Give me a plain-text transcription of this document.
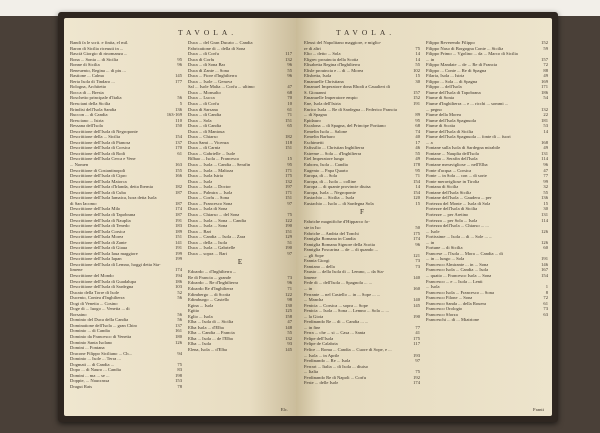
TAVOLA.
Bandi fa le scrit. e finita, el mil.
Baron di Sicilia riceuuti in ...
Bascià Giorgio di rinomanza ...
Bona ... Sonia ... di Sicilia	95
Bonne di Sicilia	96
Beneuento, Regina ... di piu ...
Bastione ... Calma	145
Berta Isola di Tindaro ...	177
Bologna, Architetto
Bocca di ... Bresia
Boschetto principale d'Italia	56
Bresciani della Sicilia	5
Brindisi dell'Isola Sandia	136
Buccon ... di Candia	163-169
Bresciano ... Istria	110
Bessana dell'Isola	150
Descrittione dell'Isola di Negroponte
Descrittione della ... Sicilia	154
Descrittione dell'Isola di Pianosa	137
Descrittione dell'Isola di Corsica	170
Descrittione dell'Isola di Rodi	61
Descrittione dell'Isola Cerca e Vene
... Nomen	163
Descrittione di Costantinopoli	155
Descrittione dell'Isola di Cipro	166
Descrittione dell'Isola Maiorca
Descrittione dell'Isola d'Irlanda, detta Ibernia	182
Descrittione dell'Isola di Cuba	187
Descrittione dell'Isola Iamaica, hora detta Isola
di San Iacomo	187
Descrittione dell'Isola Milo	174
Descrittione dell'Isola di Tapobrana	187
Descrittione dell'Isola di Nauplia	191
Descrittione dell'Isola di Tenedo	183
Descrittione dell'Isola Corsica	189
Descrittione dell'Isola Morea	151
Descrittione dell'Isola di Zante	141
Descrittione dell'Isola di Giaua	191
Descrittione dell'Isola Iaua maggiore	199
Descrittione dell'Isola Iapan	199
Descrittione dell'Isola di Lemno, hoggi detta Sta-
limene	174
Descrittione del Mondo	194
Descrittione dell'Isola di Guadalupa	186
Descrittione dell'Isola di Sardegna	103
Ducato della Torre di Isole	52
Ducento, Contea d'Inghilterra	56
Dogi di Venetia ... Cosino
Doge di ... luogo ... Venetia ... di
Borsaino	56
Dominio del Duca della Candia	56
Dominatione dell'Isola ... gran Chiro	137
Dominio ... di Candia	161
Dominio da Francesco di Venetia	180
Dominio Santa Isolano	126
Domini ... Fontana
Dracone Filippo Siciliano ... Ch...	94
Dominio ... Isole ... Terra ...
Dogmati ... di Candia ...	75
Dopo ... di Nauro ... Candia	83
Domini ... ma ... se ...	198
Doppie, ... Naucrassa	153
Dragut Rais	78
Duca ... del Gran Ducato ... Candia
Fabricatione di ... della di Sona
Duca ... di Corfu	117
Duca di Corfu	132
Duca ... di Sona Bar	96
Duca di Zante ... Sona	55
Duca ... Fiore d'Inghilterra	96
Duca ... Isole ... Genova
Sal ... Isole Malta ... Corfu ... ultimo	47
Duca ... Monsalto	68
Duca ... Lucca	70
Duca ... di Corfu	10
Duca di Sarsana	61
Duca ... di Candia	71
Duca ... Sola	151
Duca ... di Candia	65
Duca ... di Mantoua
Duca ... Chiarso	182
Duca Sami ... Vicenza	118
Duca ... di Carnia	151
Duca ... Gabrielle ... Isole
Bilbao ... Isola ... Francesco	15
Duca ... Isola ... Candia ... Serafin	95
Duca ... Isola ... Maltoza	171
Duca ... Isola Istria	175
Duca ... Isola	132
Duca ... Isola ... Doctor	197
Duca ... Palmira ... Isola	171
Duca ... Corfu ... Sona	151
Duca ... Francesco Sona	97
Duca ... Isola di Sona
Duca ... Chiarso ... del Sona	75
Duca ... Isola ... Sona ... Candia	122
Duca ... Isola ... Sona	190
Duca ... Bari	151
Duca ... Candia ... Isola ... Zara	129
Duca ... della ... Isola	51
Duca ... Isola ... Gabrielle	190
Duca ... sopra ... Bari	97
E
Edoardo ... d'Inghilterra ...
Re di Francia ... grande	73
Edoardo ... Re d'Inghilterra	96
Edoardo Re d'Inghilterra	71
Edimbergo ... di Scotia	122
Edimburgo ... Castello	98
Egina ... Isola	130
Egitto	125
Eglio ... Isola	158
Elba ... Isola di ... Sicilia	47
Elba Isola ... d'Elba	148
Elba ... Candia ... Francia	55
Elba ... Isola ... de l'Elba	132
Elba ... Isola	93
Elena, Isola ... d'Elba	145
Elc.
TAVOLA.
Eleusi del Napolitano maggiore, e miglio-
re di altri	75
Elio ... detto ... Sola	14
Eligrec prouincia della Scotia	14
Elisabetta Regina d'Inghilterra	55
Elisle prouincia e ... di ... Morea	102
Elisbetta, Isola	15
Emanuelle Christiana	30
Emanuel Imperatore dona Rhodi a Caualieri di
S. Giouanni	157
Emanuelle Imperatore empio	152
Ene, Isola dell'Istria	191
Enrico Isola ... Re di Sardegna ... Federico Francia
... di Spagna	89
Epidauro	95
Escalona ... di Spagna, del Principe Portiano	68
Ermelin Isola ... Salone	74
Ermelin Barbaro	40
Eschimetti	17
Esfissilio ... Christian Inghilterra	46
Estreme ... Sola ... d'Inghilterra	55
Etel Imperatore lungo	49
Euboea, Isola ... Candia	178
Eugenio ... Papa Quarto	95
Europa, di ... Sola	71
Europa, di ... Isola ... colline	154
Europa ... di quante provincie diuisa	14
Europa, Isola ... Negroponte	154
Eustachio ... Sicilia ... Isola	120
Eustachio ... Isola ... di Sardegna Sola	15
F
Fabriche magnifiche d'Hipparco fo-
ste in Iso	50
Fabriche ... Andria del Tonchi	175
Famiglia Romana in Candia	174
Famiglia Romana Signore della Scotia	96
Famiglia Foscarina ... de ... di quando ...
... gli Sope	121
Fannia Giorgi	73
Famiano ... della	73
Fausto ... della Isola di ... Lemno, ... da Sta-
limene	140
Fede di ... dell'Isola ... Spagnola ... ...
... in	160
Ferrante ... nel Castello ... in ... Sope ... ...
... Mancha	140
Fenicia ... Corsica ... sopra ... Sope	145
Fenicia ... Isola ... Sona ... Lemno ... Sola ... ...
... la Gioia	190
Ferdinando Re ... di ... Candia ... ...
... in fine	77
Ferra ... che ... si ... Casa ... Santa	41
Felipe dell'Isola	175
Felipe de Calabria	117
Felice ... Roma ... Candia ... Cuore di Sope, e ...
... Isola ... in Aprile	193
Ferdinando ... Re ... Isola	97
Ferrari ... Italia ... di Isola ... diuiso
... Italia	75
Ferdinando Re di Napoli ... Corfu	192
Feste ... delle Isole	174
Filippo Reverendo Filippo	152
Filippo Naso di Borgogna Conte ... Sicilia	59
Filippo Primo ... Vgolino ... da ... Marco di Sicilia
... in	157
Filippo Mandate ... de ... Re di Francia	72
Filippo ... Conte ... Re di Spagna	88
Filaria, Isola ... Istria	49
Filippo ... Sola ... di Spagna	169
Filippo ... dell'Isola	171
Fiume dell'Isola di Tapobrana	186
Fiume di Sonia	54
Fiume d'Inghilterra ... e ... ricchi ... sommi ...
... pegno	132
Fiume della Morea	22
Fiume dell'Isola Spagnuola	181
Fiume di Scotia	53
Fiume dell'Isola di Sicilia	14
Fiume dell'Isola Spagnuola ... fonte di ... fuori
... a	168
Fontane sulla Isola di Sardegna mirabile	49
Fontane ... Nauplia dell'Isola	131
Fontana ... Serafin dell'Isola	114
Fontane meravigliose ... nell'Elba	96
Fonte d'acqua ... Corsica	47
Fonte ... in Sola ... con ... di sorte	77
Fonte meravigliose in Tirolia	99
Fontana di Sicilia	32
Fontane dell'Isola Sicilia	55
Fontane dell'Isola ... Gaudera ... per	136
Fortezza del Monte ... Isola di Sola	15
Fortezze dell'Isola di Sicilia	30
Fortezze ... per Aretino	131
Fortezza ... per Sola ... Isola	114
Fortezza dell'Isola ... Chiarso ... ...
... Isole	126
Fortissime ... Isola ... di ... Sole ... ...
... in	126
Fortune ... di Sicilia	60
Francese ... l'Isola ... Mora ... Candia ... di
... in ... lungo ... Sola	191
Francesco Almirante ... in ... Sona	146
Francesco Isola ... Candia ... Isola	167
... quatto ... Francesco Isola ... Sona	154
Francesco ... e ... Isola ... Lenti
... Isola	1
Francesco Isola ... Francesco ... Sona	8
Francesco Filone ... Sona	72
Francesco Sanda ... della Rouera	61
Francesco Orologio	73
Francesco Sforza	63
Franceschi ... di ... Miatrione
Franti
